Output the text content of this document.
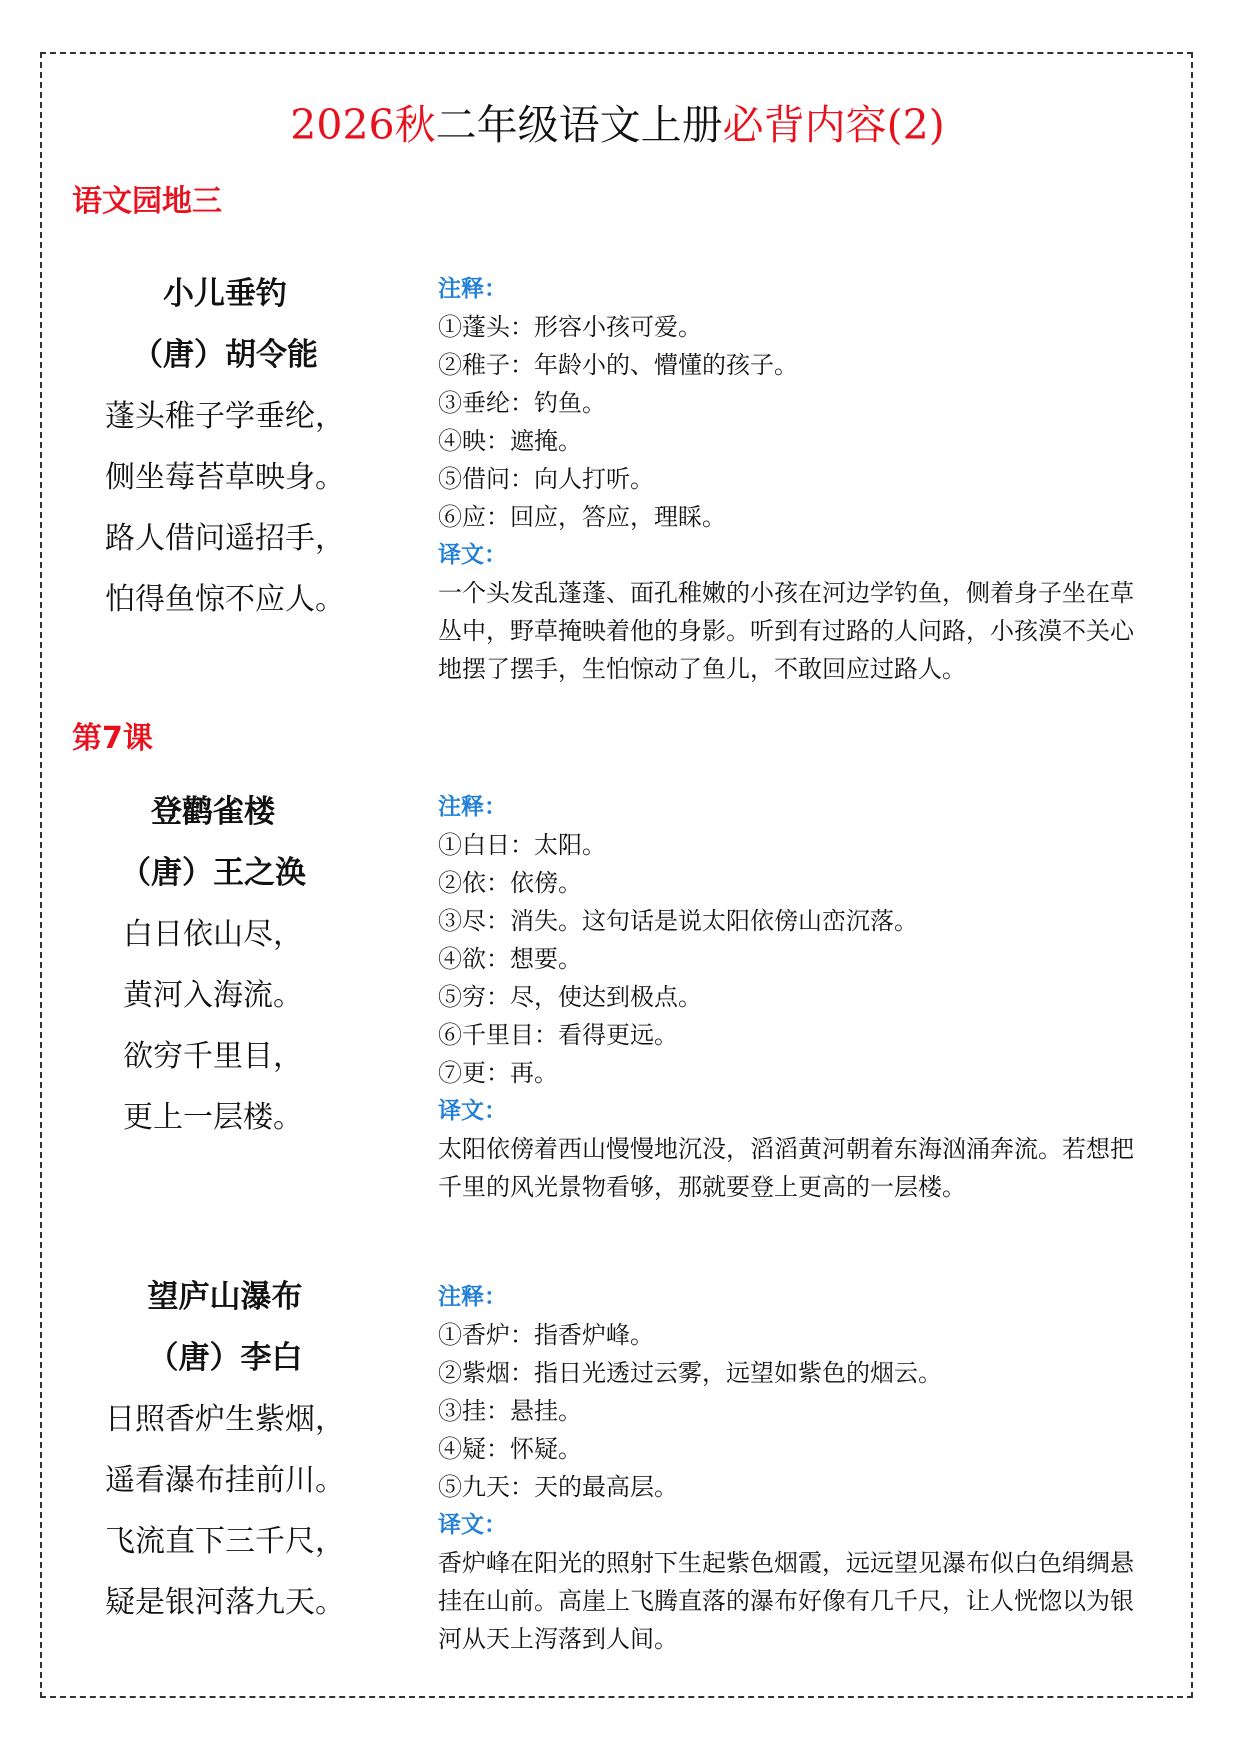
2026秋二年级语文上册必背内容(2)
语文园地三
第7课
小儿垂钓
（唐）胡令能
蓬头稚子学垂纶，
侧坐莓苔草映身。
路人借问遥招手，
怕得鱼惊不应人。
注释：
①蓬头：形容小孩可爱。
②稚子：年龄小的、懵懂的孩子。
③垂纶：钓鱼。
④映：遮掩。
⑤借问：向人打听。
⑥应：回应，答应，理睬。
译文：
一个头发乱蓬蓬、面孔稚嫩的小孩在河边学钓鱼，侧着身子坐在草丛中，野草掩映着他的身影。听到有过路的人问路，小孩漠不关心地摆了摆手，生怕惊动了鱼儿，不敢回应过路人。
登鹳雀楼
（唐）王之涣
白日依山尽，
黄河入海流。
欲穷千里目，
更上一层楼。
注释：
①白日：太阳。
②依：依傍。
③尽：消失。这句话是说太阳依傍山峦沉落。
④欲：想要。
⑤穷：尽，使达到极点。
⑥千里目：看得更远。
⑦更：再。
译文：
太阳依傍着西山慢慢地沉没，滔滔黄河朝着东海汹涌奔流。若想把千里的风光景物看够，那就要登上更高的一层楼。
望庐山瀑布
（唐）李白
日照香炉生紫烟，
遥看瀑布挂前川。
飞流直下三千尺，
疑是银河落九天。
注释：
①香炉：指香炉峰。
②紫烟：指日光透过云雾，远望如紫色的烟云。
③挂：悬挂。
④疑：怀疑。
⑤九天：天的最高层。
译文：
香炉峰在阳光的照射下生起紫色烟霞，远远望见瀑布似白色绢绸悬挂在山前。高崖上飞腾直落的瀑布好像有几千尺，让人恍惚以为银河从天上泻落到人间。
